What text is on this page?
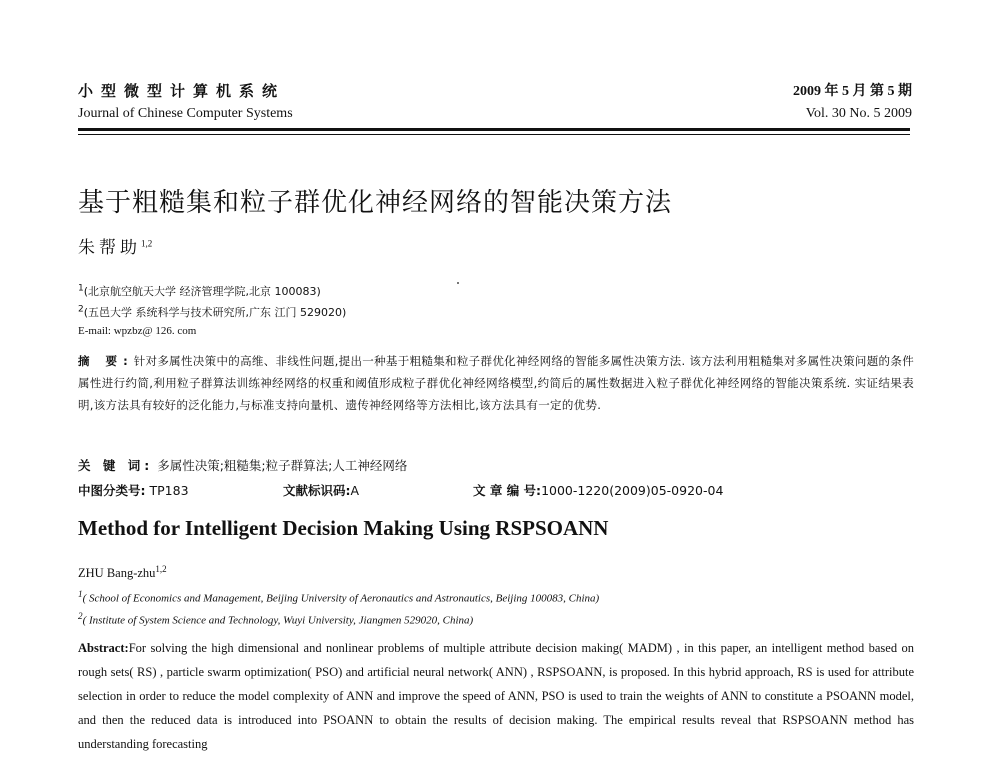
小型微型计算机系统
Journal of Chinese Computer Systems
2009 年 5 月 第 5 期
Vol. 30 No. 5 2009
基于粗糙集和粒子群优化神经网络的智能决策方法
朱帮助$^{1,2}$
$^1$(北京航空航天大学 经济管理学院,北京 100083)
$^2$(五邑大学 系统科学与技术研究所,广东 江门 529020)
E-mail: wpzbz@ 126. com
摘 要:针对多属性决策中的高维、非线性问题,提出一种基于粗糙集和粒子群优化神经网络的智能多属性决策方法. 该方法利用粗糙集对多属性决策问题的条件属性进行约简,利用粒子群算法训练神经网络的权重和阈值形成粒子群优化神经网络模型,约简后的属性数据进入粒子群优化神经网络的智能决策系统. 实证结果表明,该方法具有较好的泛化能力,与标准支持向量机、遗传神经网络等方法相比,该方法具有一定的优势.
关 键 词: 多属性决策;粗糙集;粒子群算法;人工神经网络
中图分类号: TP183	文献标识码:A	文 章 编 号:1000-1220(2009)05-0920-04
Method for Intelligent Decision Making Using RSPSOANN
ZHU Bang-zhu$^{1,2}$
$^1$( School of Economics and Management, Beijing University of Aeronautics and Astronautics, Beijing 100083, China)
$^2$( Institute of System Science and Technology, Wuyi University, Jiangmen 529020, China)
Abstract:For solving the high dimensional and nonlinear problems of multiple attribute decision making( MADM) , in this paper, an intelligent method based on rough sets( RS) , particle swarm optimization( PSO) and artificial neural network( ANN) , RSPSOANN, is proposed. In this hybrid approach, RS is used for attribute selection in order to reduce the model complexity of ANN and improve the speed of ANN, PSO is used to train the weights of ANN to constitute a PSOANN model, and then the reduced data is introduced into PSOANN to obtain the results of decision making. The empirical results reveal that RSPSOANN method has understanding forecasting
